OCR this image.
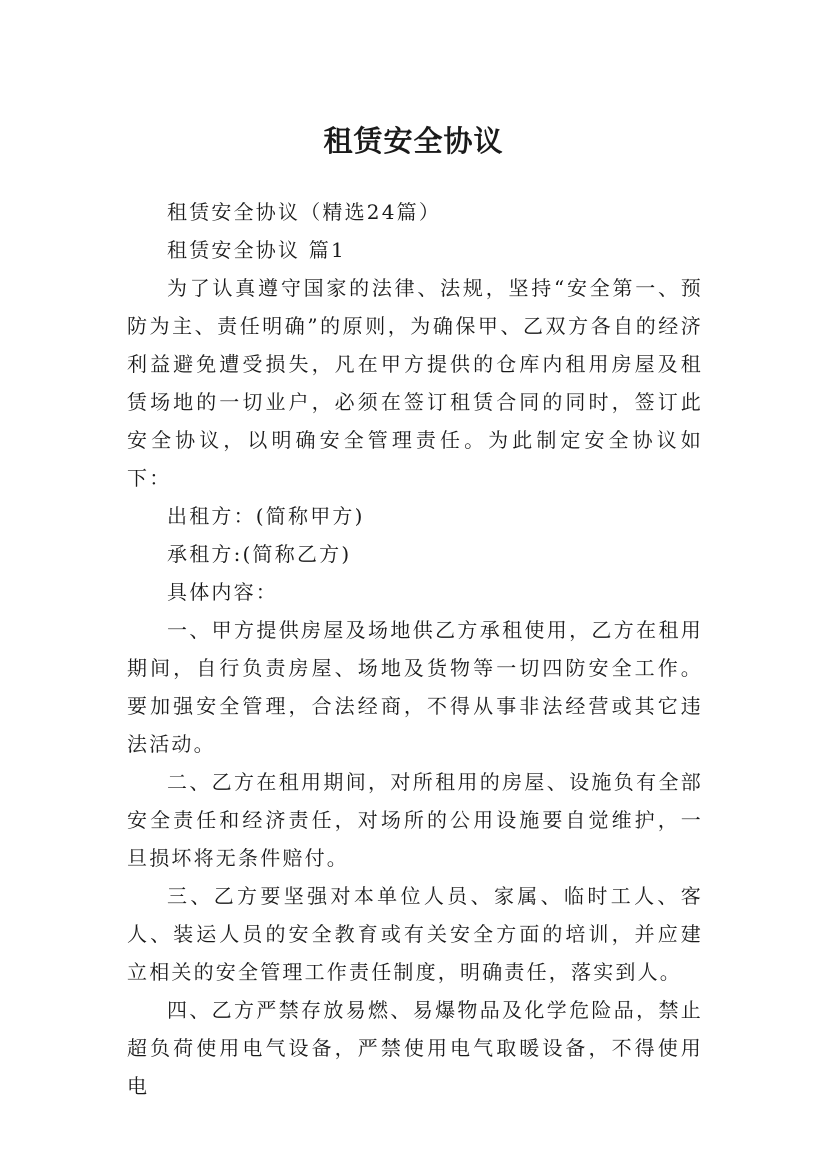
租赁安全协议

租赁安全协议（精选24篇）

租赁安全协议 篇1

为了认真遵守国家的法律、法规，坚持“安全第一、预防为主、责任明确”的原则，为确保甲、乙双方各自的经济利益避免遭受损失，凡在甲方提供的仓库内租用房屋及租赁场地的一切业户，必须在签订租赁合同的同时，签订此安全协议，以明确安全管理责任。为此制定安全协议如下：

出租方：(简称甲方)

承租方:(简称乙方)

具体内容：

一、甲方提供房屋及场地供乙方承租使用，乙方在租用期间，自行负责房屋、场地及货物等一切四防安全工作。要加强安全管理，合法经商，不得从事非法经营或其它违法活动。

二、乙方在租用期间，对所租用的房屋、设施负有全部安全责任和经济责任，对场所的公用设施要自觉维护，一旦损坏将无条件赔付。

三、乙方要坚强对本单位人员、家属、临时工人、客人、装运人员的安全教育或有关安全方面的培训，并应建立相关的安全管理工作责任制度，明确责任，落实到人。

四、乙方严禁存放易燃、易爆物品及化学危险品，禁止超负荷使用电气设备，严禁使用电气取暖设备，不得使用电
